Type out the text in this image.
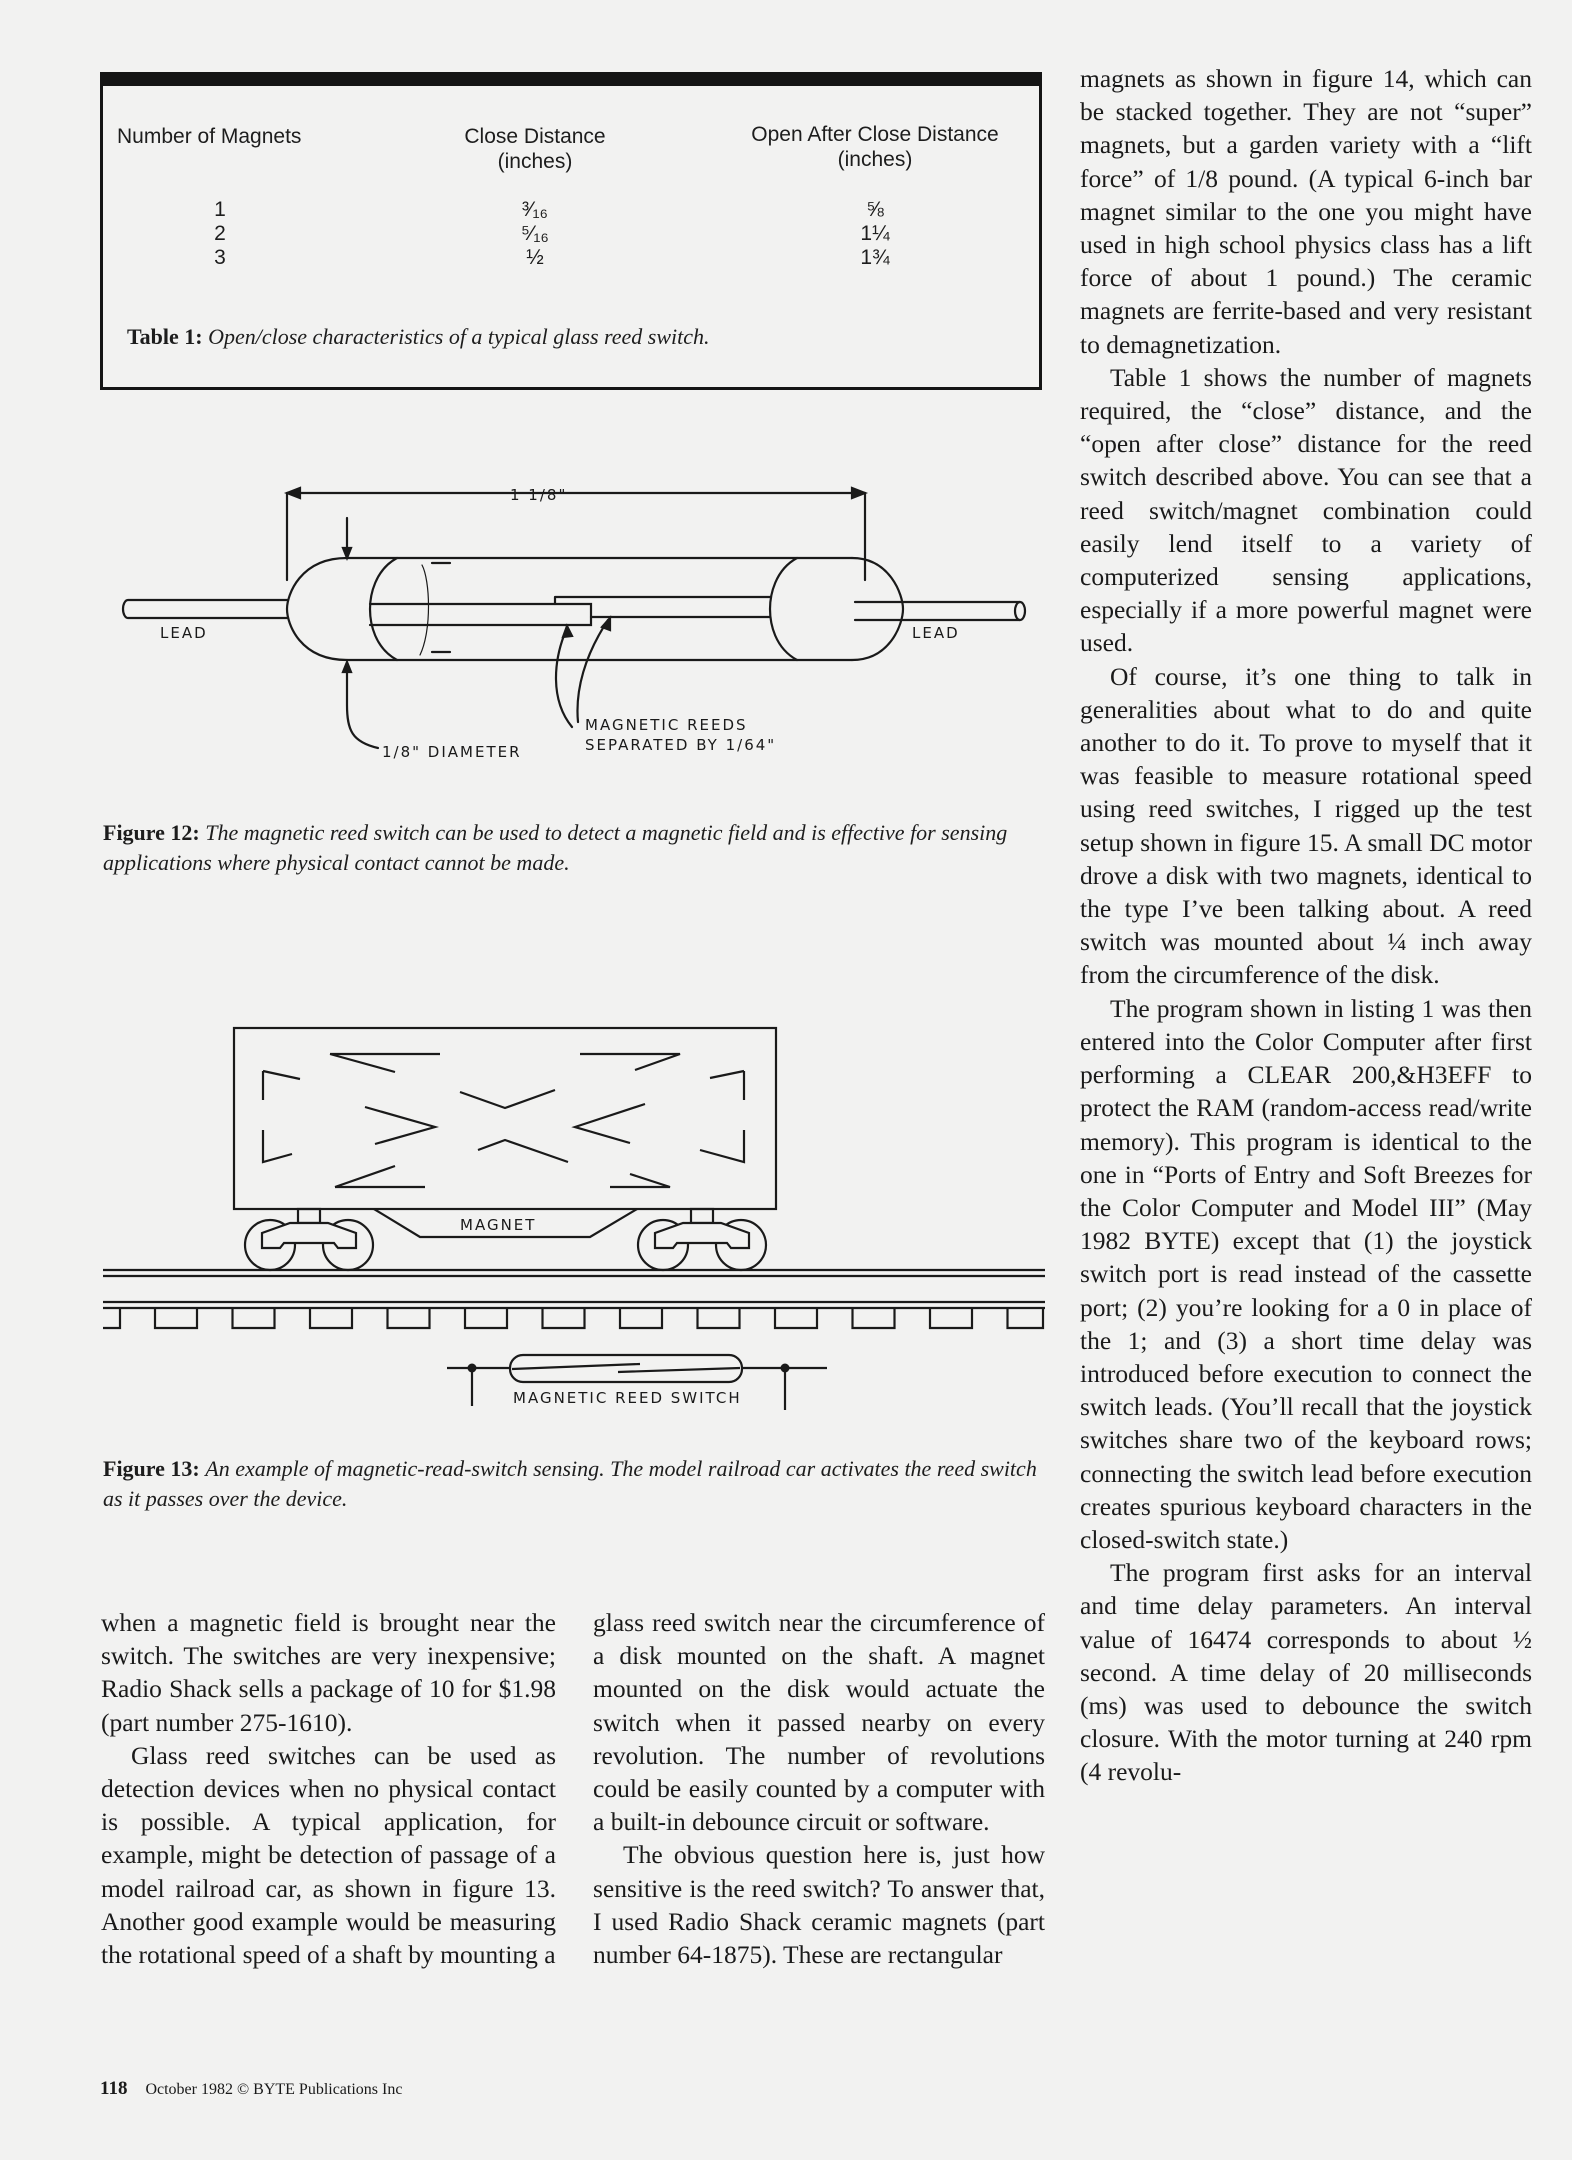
Number of Magnets	Close Distance
(inches)
Open After Close Distance
(inches)
1
2
3
³⁄₁₆
⁵⁄₁₆
½
⅝
1¼
1¾
Table 1: Open/close characteristics of a typical glass reed switch.
1 1/8"
LEAD	LEAD
1/8" DIAMETER
MAGNETIC REEDS
SEPARATED BY 1/64"
MAGNET
MAGNETIC REED SWITCH
Figure 12: The magnetic reed switch can be used to detect a magnetic field and is effective for sensing applications where physical contact cannot be made.
Figure 13: An example of magnetic-read-switch sensing. The model railroad car activates the reed switch as it passes over the device.

when a magnetic field is brought near the switch. The switches are very inexpensive; Radio Shack sells a package of 10 for $1.98 (part number 275-1610).

Glass reed switches can be used as detection devices when no physical contact is possible. A typical application, for example, might be detection of passage of a model railroad car, as shown in figure 13. Another good example would be measuring the rotational speed of a shaft by mounting a

glass reed switch near the circumference of a disk mounted on the shaft. A magnet mounted on the disk would actuate the switch when it passed nearby on every revolution. The number of revolutions could be easily counted by a computer with a built-in debounce circuit or software.

The obvious question here is, just how sensitive is the reed switch? To answer that, I used Radio Shack ceramic magnets (part number 64-1875). These are rectangular

magnets as shown in figure 14, which can be stacked together. They are not “super” magnets, but a garden variety with a “lift force” of 1/8 pound. (A typical 6-inch bar magnet similar to the one you might have used in high school physics class has a lift force of about 1 pound.) The ceramic magnets are ferrite-based and very resistant to demagnetization.

Table 1 shows the number of magnets required, the “close” distance, and the “open after close” distance for the reed switch described above. You can see that a reed switch/magnet combination could easily lend itself to a variety of computerized sensing applications, especially if a more powerful magnet were used.

Of course, it’s one thing to talk in generalities about what to do and quite another to do it. To prove to myself that it was feasible to measure rotational speed using reed switches, I rigged up the test setup shown in figure 15. A small DC motor drove a disk with two magnets, identical to the type I’ve been talking about. A reed switch was mounted about ¼ inch away from the circumference of the disk.

The program shown in listing 1 was then entered into the Color Computer after first performing a CLEAR 200,&H3EFF to protect the RAM (random-access read/write memory). This program is identical to the one in “Ports of Entry and Soft Breezes for the Color Computer and Model III” (May 1982 BYTE) except that (1) the joystick switch port is read instead of the cassette port; (2) you’re looking for a 0 in place of the 1; and (3) a short time delay was introduced before execution to connect the switch leads. (You’ll recall that the joystick switches share two of the keyboard rows; connecting the switch lead before execution creates spurious keyboard characters in the closed-switch state.)

The program first asks for an interval and time delay parameters. An interval value of 16474 corresponds to about ½ second. A time delay of 20 milliseconds (ms) was used to debounce the switch closure. With the motor turning at 240 rpm (4 revolu-

118 October 1982 © BYTE Publications Inc
